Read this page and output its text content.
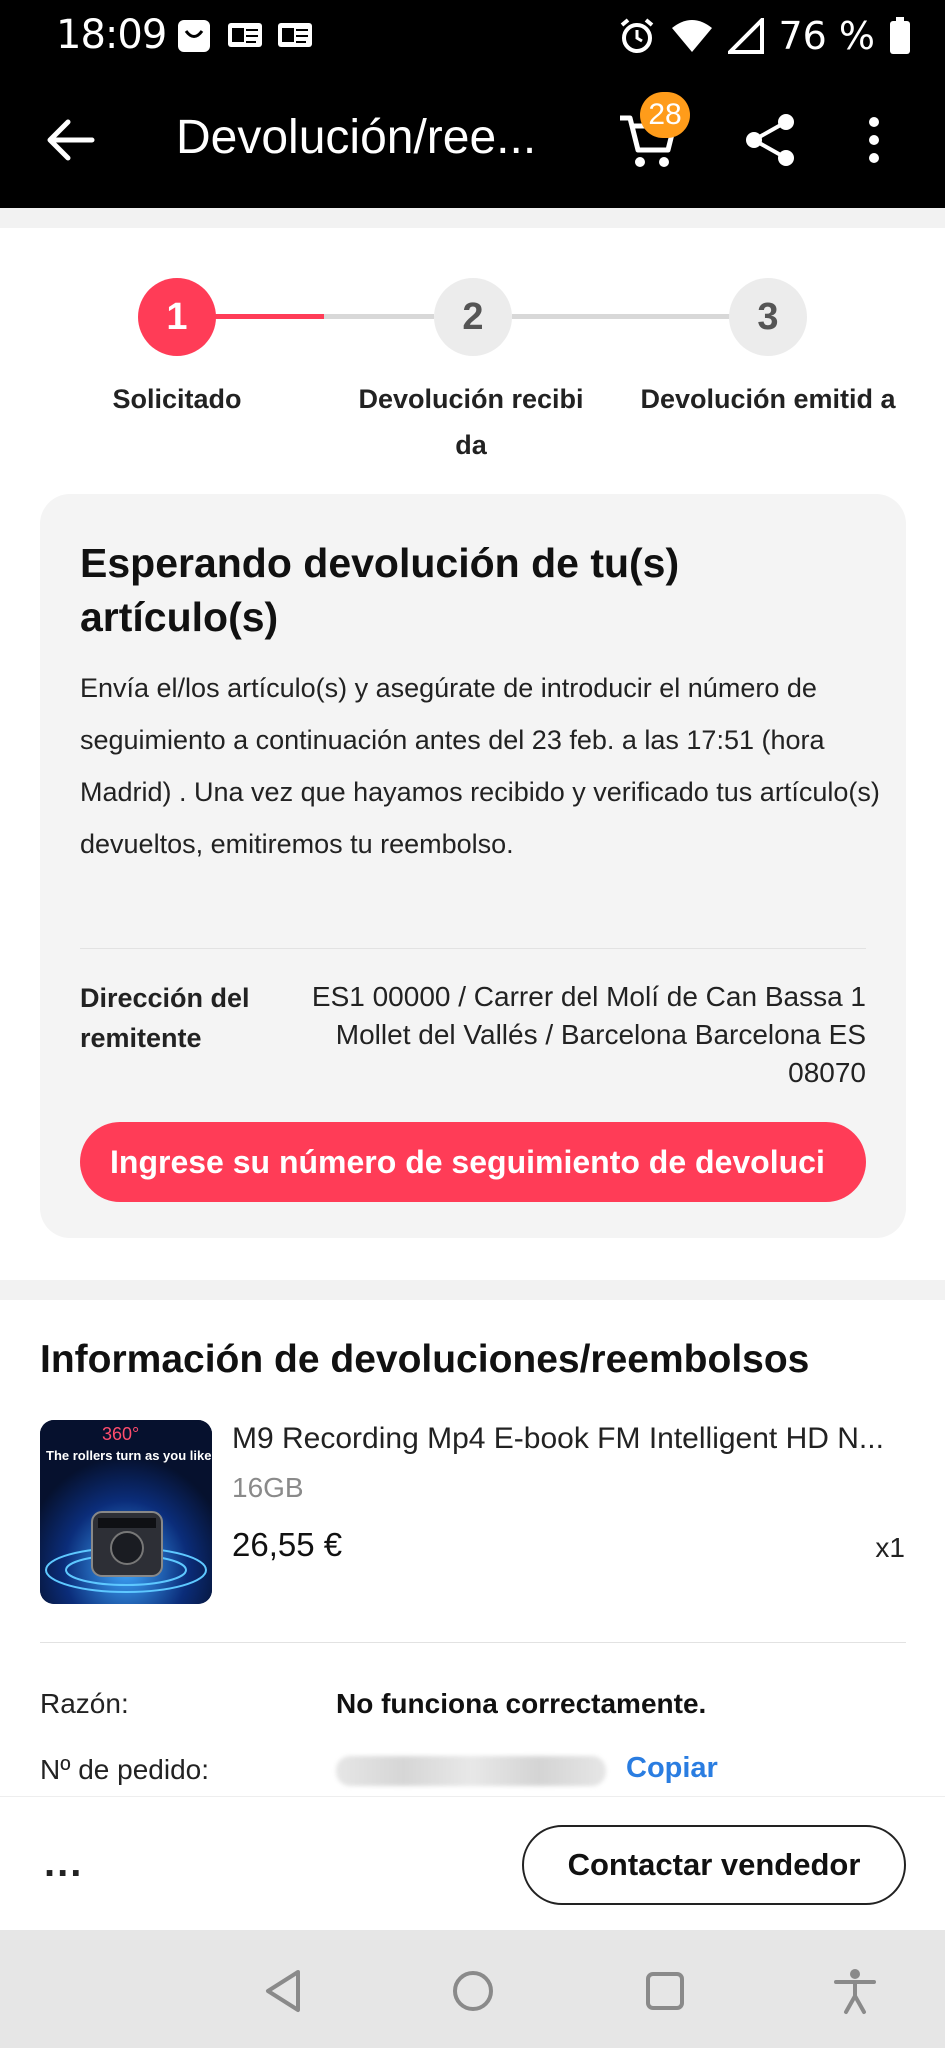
18:09	76 %
Devolución/ree...	28
1	2	3
Solicitado	Devolución recibi da
Devolución emitid a
Esperando devolución de tu(s) artículo(s)

Envía el/los artículo(s) y asegúrate de introducir el número de seguimiento a continuación antes del 23 feb. a las 17:51 (hora Madrid) . Una vez que hayamos recibido y verificado tus artículo(s) devueltos, emitiremos tu reembolso.

Dirección del remitente
ES1 00000 / Carrer del Molí de Can Bassa 1 Mollet del Vallés / Barcelona Barcelona ES 08070
Ingrese su número de seguimiento de devoluci
Información de devoluciones/reembolsos
360°
The rollers turn as you like
M9 Recording Mp4 E-book FM Intelligent HD N...
16GB
26,55 €	x1
Razón:	No funciona correctamente.
Nº de pedido:	Copiar
...	Contactar vendedor
